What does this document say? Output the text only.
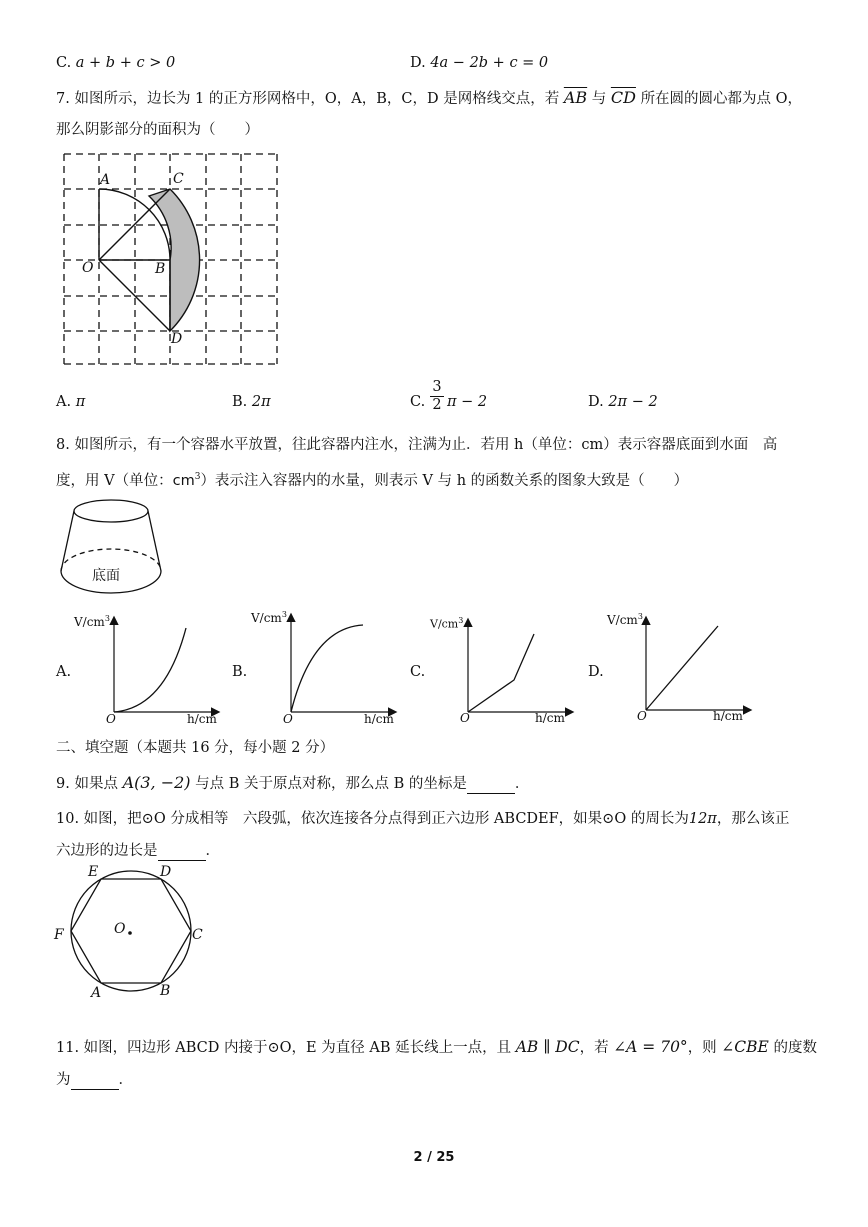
C. a + b + c > 0	D. 4a − 2b + c = 0
7. 如图所示，边长为 1 的正方形网格中，O，A，B，C，D 是网格线交点，若 $\overline{AB}$ 与 $\overline{CD}$ 所在圆的圆心都为点 O，
那么阴影部分的面积为（　　）
A	C
O	B
D
A. π	B. 2π	C. $\frac{3}{2}$ π − 2	D. 2π − 2
8. 如图所示，有一个容器水平放置，往此容器内注水，注满为止．若用 h（单位：cm）表示容器底面到水面　高
度，用 V（单位：$cm^3$）表示注入容器内的水量，则表示 V 与 h 的函数关系的图象大致是（　　）
底面
A.	B.	C.	D.
$V/cm^3$
h/cm
O
$V/cm^3$
h/cm
O
$V/cm^3$
h/cm
O
$V/cm^3$
h/cm
O
二、填空题（本题共 16 分，每小题 2 分）
9. 如果点 A(3, −2) 与点 B 关于原点对称，那么点 B 的坐标是	．
10. 如图，把⊙O 分成相等　六段弧，依次连接各分点得到正六边形 ABCDEF，如果⊙O 的周长为12π，那么该正
六边形的边长是	．
E	D
F	O	C
A	B
11. 如图，四边形 ABCD 内接于⊙O，E 为直径 AB 延长线上一点，且 AB ∥ DC，若 ∠A = 70°，则 ∠CBE 的度数
为	．
2 / 25
